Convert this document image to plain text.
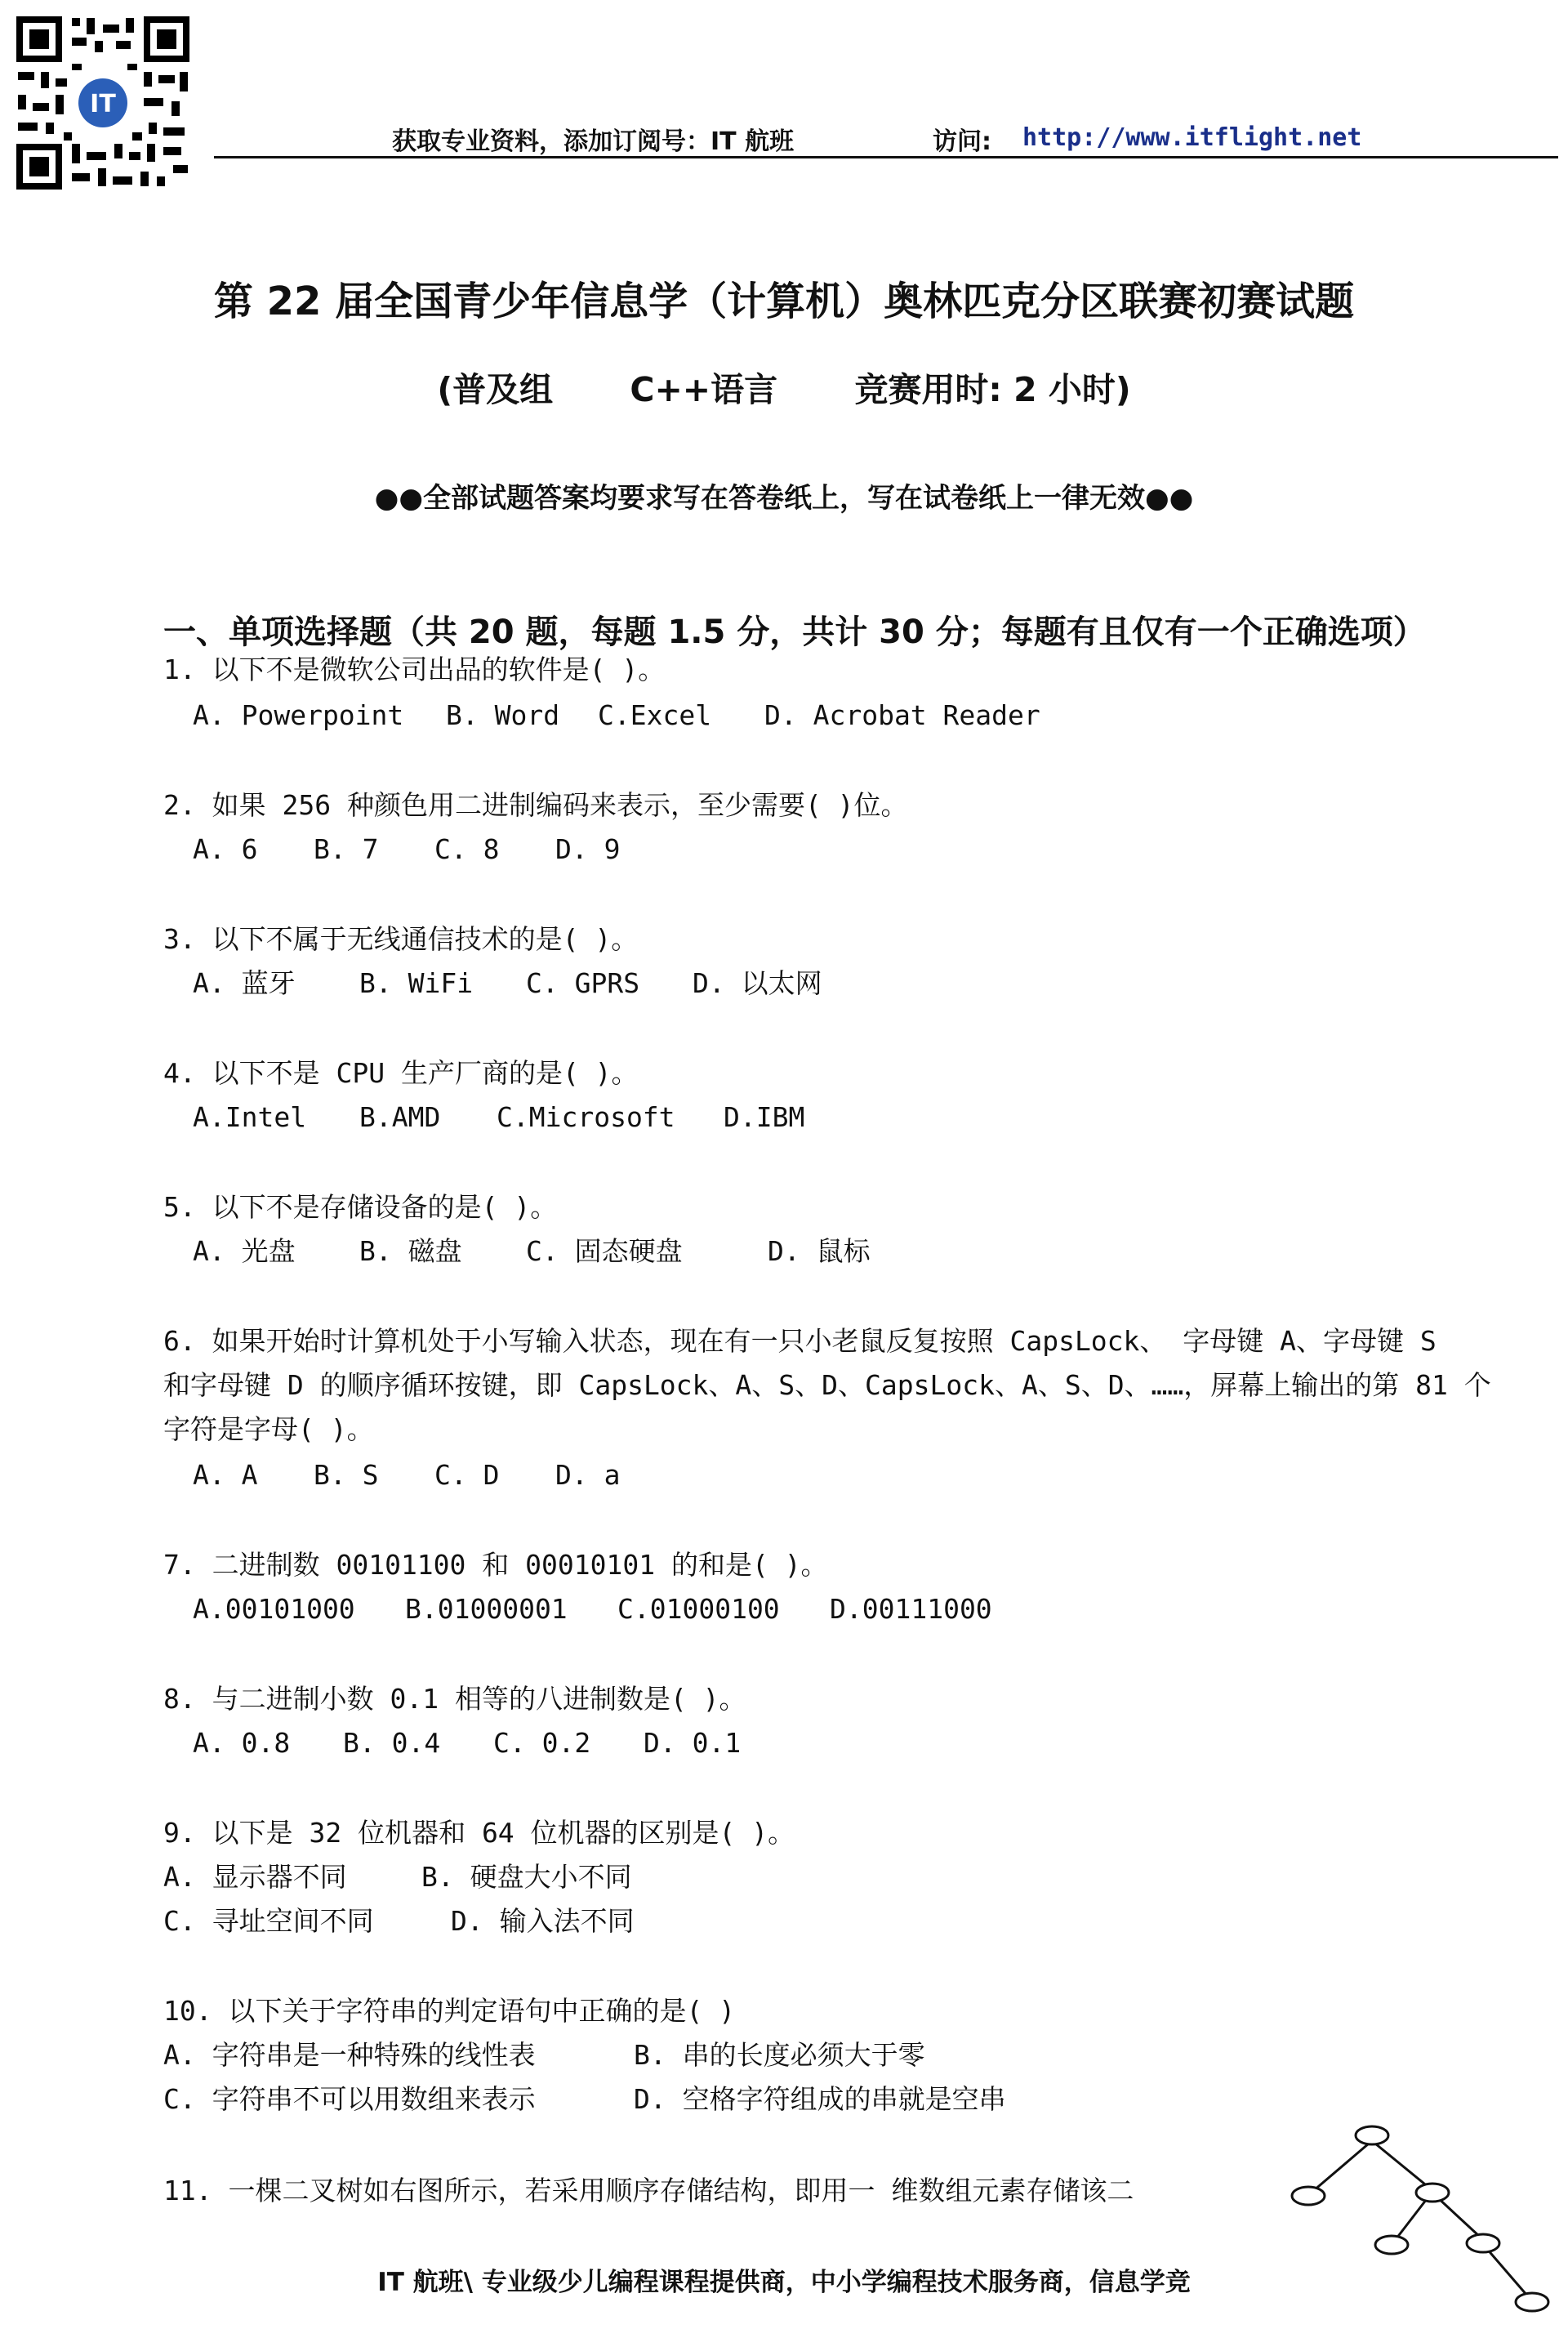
IT
获取专业资料，添加订阅号：IT 航班	访问: http://www.itflight.net
第 22 届全国青少年信息学（计算机）奥林匹克分区联赛初赛试题
(普及组 C++语言 竞赛用时: 2 小时)
●●全部试题答案均要求写在答卷纸上，写在试卷纸上一律无效●●
一、单项选择题（共 20 题，每题 1.5 分，共计 30 分；每题有且仅有一个正确选项）
1. 以下不是微软公司出品的软件是( )。
A. Powerpoint B. Word C.Excel D. Acrobat Reader
2. 如果 256 种颜色用二进制编码来表示，至少需要( )位。
A. 6 B. 7 C. 8 D. 9
3. 以下不属于无线通信技术的是( )。
A. 蓝牙 B. WiFi C. GPRS D. 以太网
4. 以下不是 CPU 生产厂商的是( )。
A.Intel B.AMD C.Microsoft D.IBM
5. 以下不是存储设备的是( )。
A. 光盘 B. 磁盘 C. 固态硬盘	D. 鼠标
6. 如果开始时计算机处于小写输入状态，现在有一只小老鼠反复按照 CapsLock、 字母键 A、字母键 S
和字母键 D 的顺序循环按键，即 CapsLock、A、S、D、CapsLock、A、S、D、……，屏幕上输出的第 81 个
字符是字母( )。
A. A B. S C. D D. a
7. 二进制数 00101100 和 00010101 的和是( )。
A.00101000 B.01000001 C.01000100 D.00111000
8. 与二进制小数 0.1 相等的八进制数是( )。
A. 0.8 B. 0.4 C. 0.2 D. 0.1
9. 以下是 32 位机器和 64 位机器的区别是( )。
A. 显示器不同	B. 硬盘大小不同
C. 寻址空间不同	D. 输入法不同
10. 以下关于字符串的判定语句中正确的是( )
A. 字符串是一种特殊的线性表	B. 串的长度必须大于零
C. 字符串不可以用数组来表示	D. 空格字符组成的串就是空串
11. 一棵二叉树如右图所示，若采用顺序存储结构，即用一 维数组元素存储该二
IT 航班\ 专业级少儿编程课程提供商，中小学编程技术服务商，信息学竞
